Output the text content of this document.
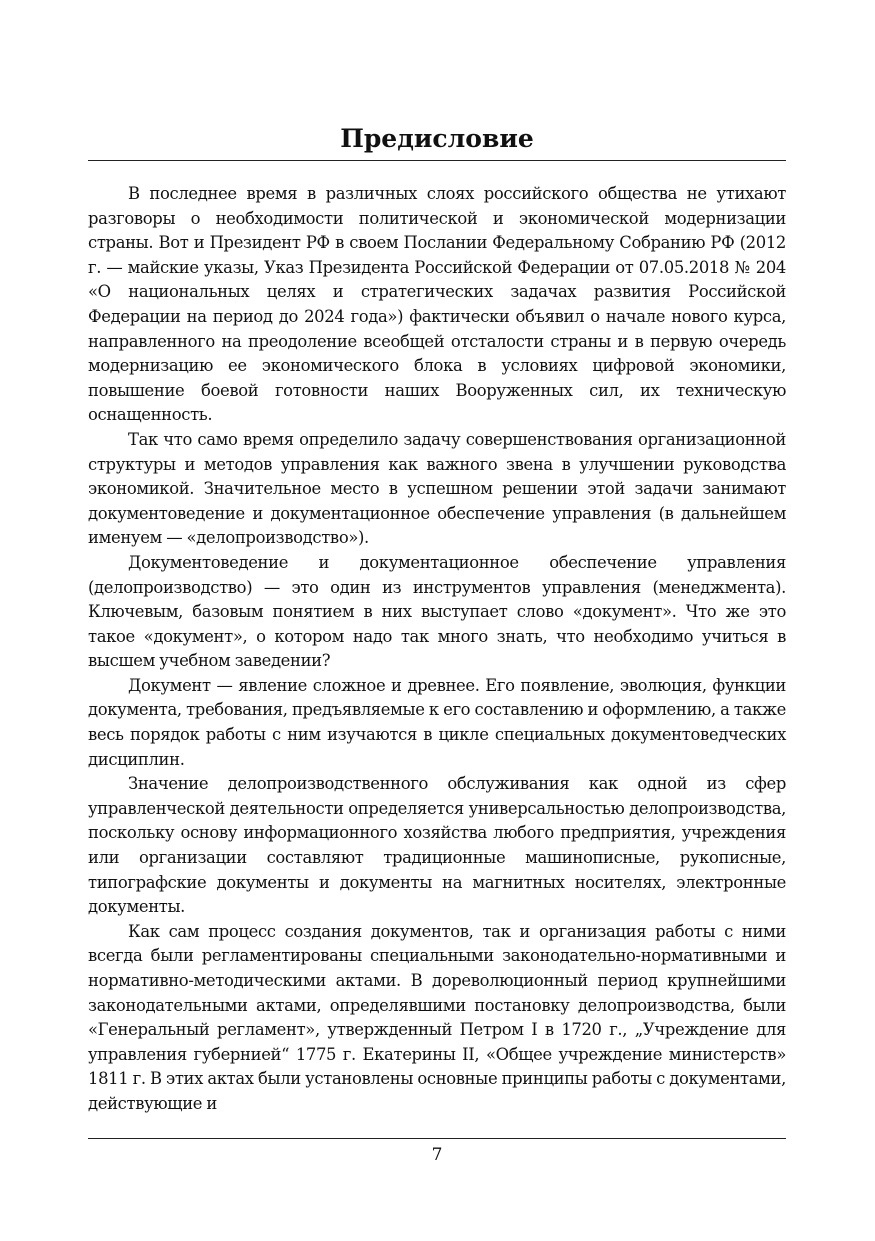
Предисловие

В последнее время в различных слоях российского общества не утихают разговоры о необходимости политической и экономической модернизации страны. Вот и Президент РФ в своем Послании Федеральному Собранию РФ (2012 г. — майские указы, Указ Президента Российской Федерации от 07.05.2018 № 204 «О национальных целях и стратегических задачах развития Российской Федерации на период до 2024 года») фактически объявил о начале нового курса, направленного на преодоление всеобщей отсталости страны и в первую очередь модернизацию ее экономического блока в условиях цифровой экономики, повышение боевой готовности наших Вооруженных сил, их техническую оснащенность.

Так что само время определило задачу совершенствования организационной структуры и методов управления как важного звена в улучшении руководства экономикой. Значительное место в успешном решении этой задачи занимают документоведение и документационное обеспечение управления (в дальнейшем именуем — «делопроизводство»).

Документоведение и документационное обеспечение управления (делопроизводство) — это один из инструментов управления (менеджмента). Ключевым, базовым понятием в них выступает слово «документ». Что же это такое «документ», о котором надо так много знать, что необходимо учиться в высшем учебном заведении?

Документ — явление сложное и древнее. Его появление, эволюция, функции документа, требования, предъявляемые к его составлению и оформлению, а также весь порядок работы с ним изучаются в цикле специальных документоведческих дисциплин.

Значение делопроизводственного обслуживания как одной из сфер управленческой деятельности определяется универсальностью делопроизводства, поскольку основу информационного хозяйства любого предприятия, учреждения или организации составляют традиционные машинописные, рукописные, типографские документы и документы на магнитных носителях, электронные документы.

Как сам процесс создания документов, так и организация работы с ними всегда были регламентированы специальными законодательно-нормативными и нормативно-методическими актами. В дореволюционный период крупнейшими законодательными актами, определявшими постановку делопроизводства, были «Генеральный регламент», утвержденный Петром I в 1720 г., „Учреждение для управления губернией“ 1775 г. Екатерины II, «Общее учреждение министерств» 1811 г. В этих актах были установлены основные принципы работы с документами, действующие и

7
